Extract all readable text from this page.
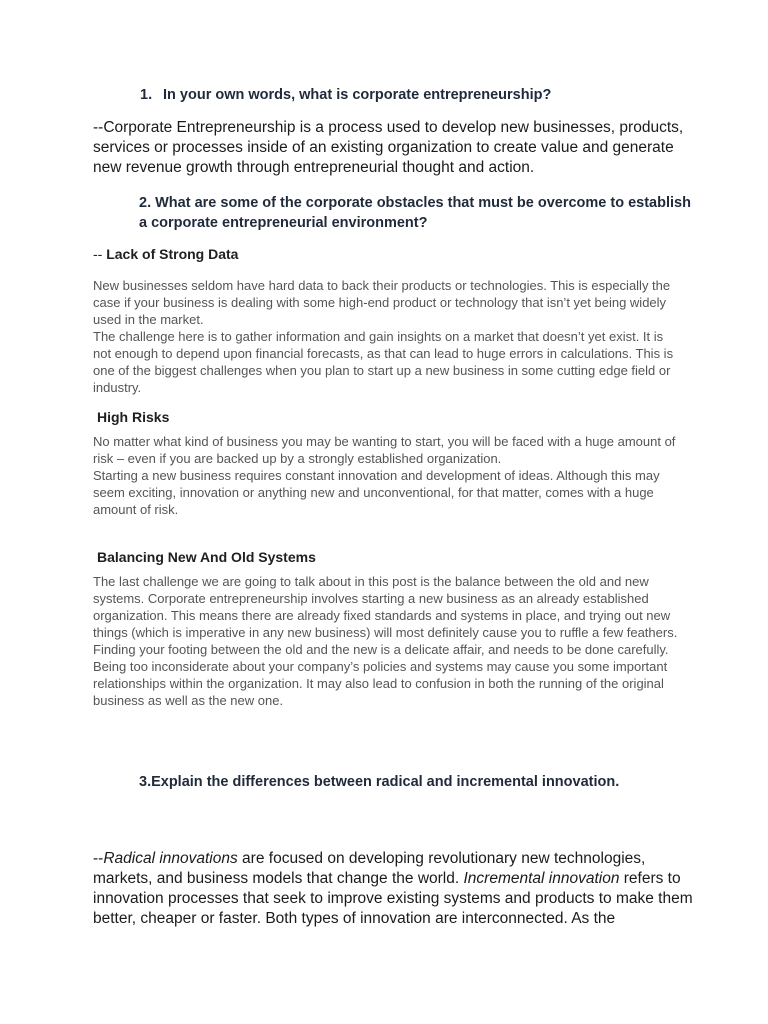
1. In your own words, what is corporate entrepreneurship?
--Corporate Entrepreneurship is a process used to develop new businesses, products, services or processes inside of an existing organization to create value and generate new revenue growth through entrepreneurial thought and action.
2. What are some of the corporate obstacles that must be overcome to establish a corporate entrepreneurial environment?
-- Lack of Strong Data

New businesses seldom have hard data to back their products or technologies. This is especially the case if your business is dealing with some high-end product or technology that isn’t yet being widely used in the market.

The challenge here is to gather information and gain insights on a market that doesn’t yet exist. It is not enough to depend upon financial forecasts, as that can lead to huge errors in calculations. This is one of the biggest challenges when you plan to start up a new business in some cutting edge field or industry.

High Risks

No matter what kind of business you may be wanting to start, you will be faced with a huge amount of risk – even if you are backed up by a strongly established organization.

Starting a new business requires constant innovation and development of ideas. Although this may seem exciting, innovation or anything new and unconventional, for that matter, comes with a huge amount of risk.

Balancing New And Old Systems

The last challenge we are going to talk about in this post is the balance between the old and new systems. Corporate entrepreneurship involves starting a new business as an already established organization. This means there are already fixed standards and systems in place, and trying out new things (which is imperative in any new business) will most definitely cause you to ruffle a few feathers.

Finding your footing between the old and the new is a delicate affair, and needs to be done carefully. Being too inconsiderate about your company’s policies and systems may cause you some important relationships within the organization. It may also lead to confusion in both the running of the original business as well as the new one.

3.Explain the differences between radical and incremental innovation.
--Radical innovations are focused on developing revolutionary new technologies, markets, and business models that change the world. Incremental innovation refers to innovation processes that seek to improve existing systems and products to make them better, cheaper or faster. Both types of innovation are interconnected. As the
